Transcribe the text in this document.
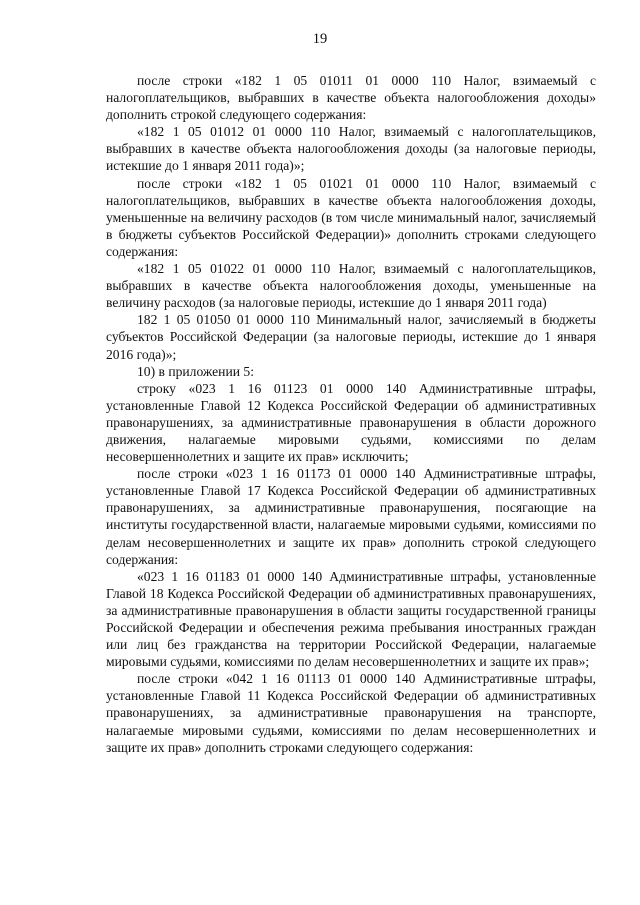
19

после строки «182 1 05 01011 01 0000 110 Налог, взимаемый с налогоплательщиков, выбравших в качестве объекта налогообложения доходы» дополнить строкой следующего содержания:

«182 1 05 01012 01 0000 110 Налог, взимаемый с налогоплательщиков, выбравших в качестве объекта налогообложения доходы (за налоговые периоды, истекшие до 1 января 2011 года)»;

после строки «182 1 05 01021 01 0000 110 Налог, взимаемый с налогоплательщиков, выбравших в качестве объекта налогообложения доходы, уменьшенные на величину расходов (в том числе минимальный налог, зачисляемый в бюджеты субъектов Российской Федерации)» дополнить строками следующего содержания:

«182 1 05 01022 01 0000 110 Налог, взимаемый с налогоплательщиков, выбравших в качестве объекта налогообложения доходы, уменьшенные на величину расходов (за налоговые периоды, истекшие до 1 января 2011 года)

182 1 05 01050 01 0000 110 Минимальный налог, зачисляемый в бюджеты субъектов Российской Федерации (за налоговые периоды, истекшие до 1 января 2016 года)»;

10) в приложении 5:

строку «023 1 16 01123 01 0000 140 Административные штрафы, установленные Главой 12 Кодекса Российской Федерации об административных правонарушениях, за административные правонарушения в области дорожного движения, налагаемые мировыми судьями, комиссиями по делам несовершеннолетних и защите их прав» исключить;

после строки «023 1 16 01173 01 0000 140 Административные штрафы, установленные Главой 17 Кодекса Российской Федерации об административных правонарушениях, за административные правонарушения, посягающие на институты государственной власти, налагаемые мировыми судьями, комиссиями по делам несовершеннолетних и защите их прав» дополнить строкой следующего содержания:

«023 1 16 01183 01 0000 140 Административные штрафы, установленные Главой 18 Кодекса Российской Федерации об административных правонарушениях, за административные правонарушения в области защиты государственной границы Российской Федерации и обеспечения режима пребывания иностранных граждан или лиц без гражданства на территории Российской Федерации, налагаемые мировыми судьями, комиссиями по делам несовершеннолетних и защите их прав»;

после строки «042 1 16 01113 01 0000 140 Административные штрафы, установленные Главой 11 Кодекса Российской Федерации об административных правонарушениях, за административные правонарушения на транспорте, налагаемые мировыми судьями, комиссиями по делам несовершеннолетних и защите их прав» дополнить строками следующего содержания:
